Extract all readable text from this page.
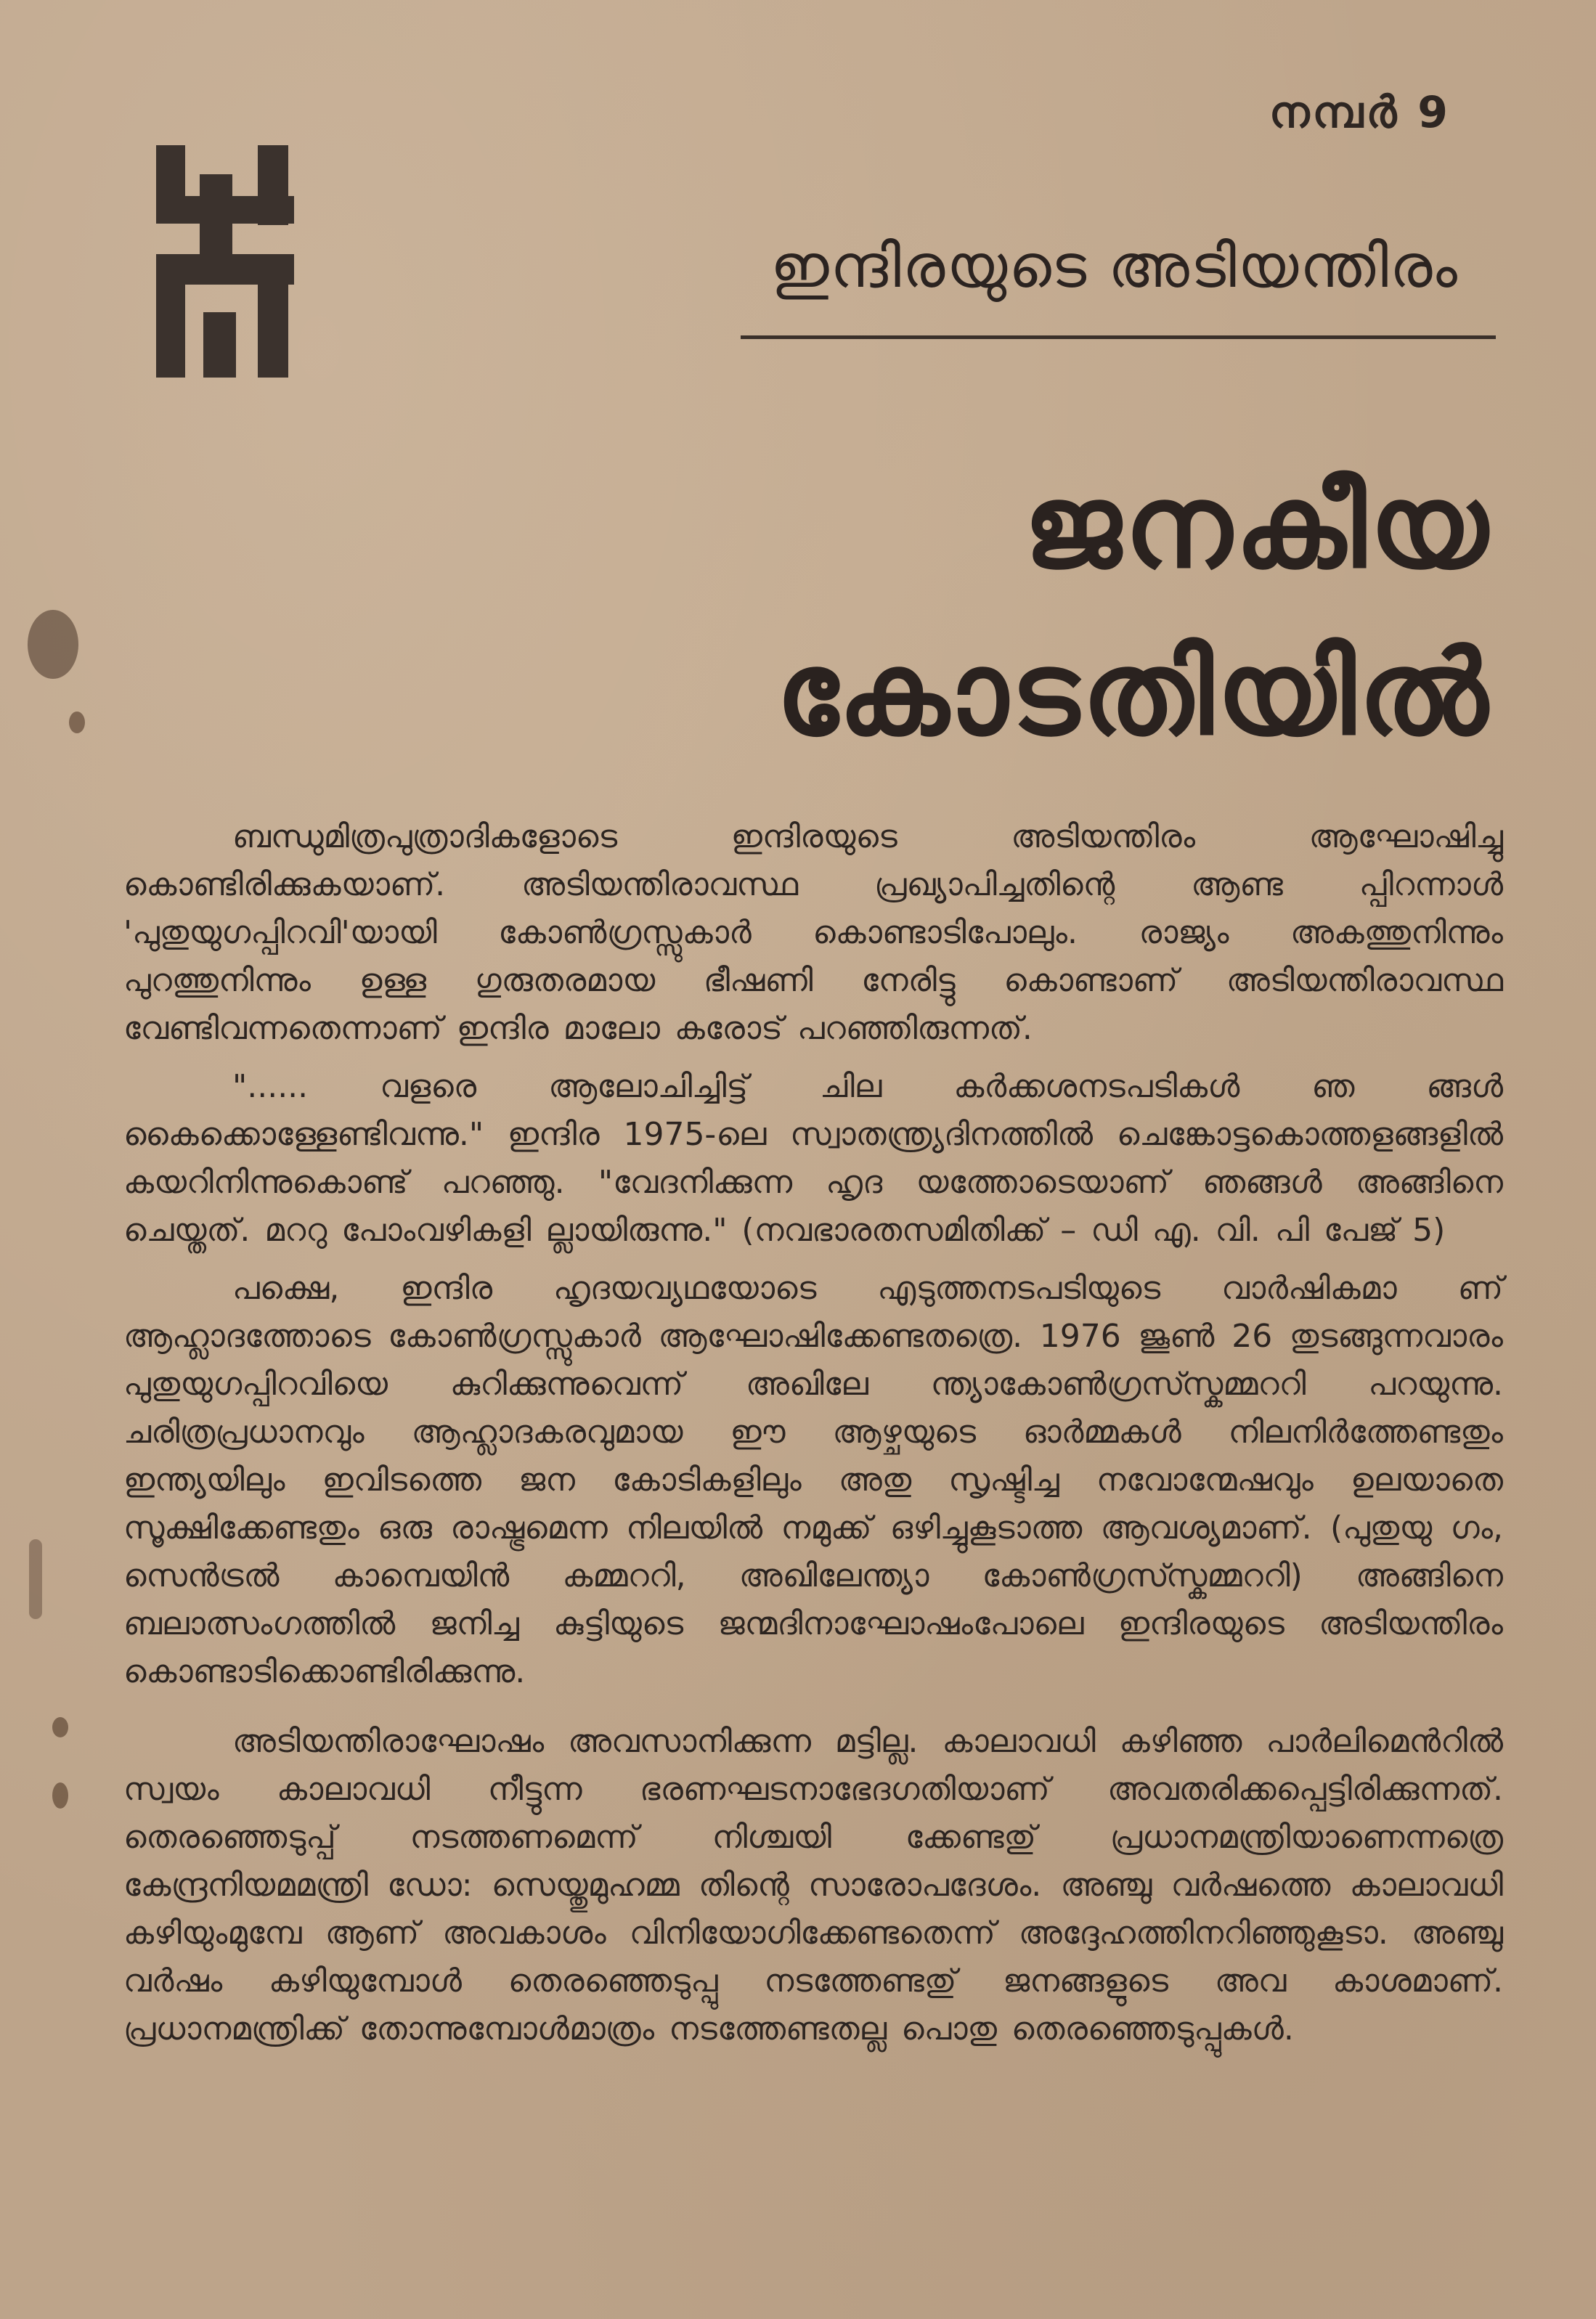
നമ്പർ 9
ഇന്ദിരയുടെ അടിയന്തിരം
ജനകീയ
കോടതിയിൽ

ബന്ധുമിത്രപുത്രാദികളോടെ ഇന്ദിരയുടെ അടിയന്തിരം ആഘോഷിച്ചു കൊണ്ടിരിക്കുകയാണ്. അടിയന്തിരാവസ്ഥ പ്രഖ്യാപിച്ചതിന്റെ ആണ്ട പ്പിറന്നാൾ 'പുതുയുഗപ്പിറവി'യായി കോൺഗ്രസ്സുകാർ കൊണ്ടാടിപോലും. രാജ്യം അകത്തുനിന്നും പുറത്തുനിന്നും ഉള്ള ഗുരുതരമായ ഭീഷണി നേരിട്ടു കൊണ്ടാണ് അടിയന്തിരാവസ്ഥ വേണ്ടിവന്നതെന്നാണ് ഇന്ദിര മാലോ കരോട് പറഞ്ഞിരുന്നത്.

"...... വളരെ ആലോചിച്ചിട്ട് ചില കർക്കശനടപടികൾ ഞ ങ്ങൾ കൈക്കൊള്ളേണ്ടിവന്നു." ഇന്ദിര 1975-ലെ സ്വാതന്ത്ര്യദിനത്തിൽ ചെങ്കോട്ടകൊത്തളങ്ങളിൽ കയറിനിന്നുകൊണ്ട് പറഞ്ഞു. "വേദനിക്കുന്ന ഹൃദ യത്തോടെയാണ് ഞങ്ങൾ അങ്ങിനെ ചെയ്തത്. മററു പോംവഴികളി ല്ലായിരുന്നു." (നവഭാരതസമിതിക്ക് – ഡി എ. വി. പി പേജ് 5)

പക്ഷെ, ഇന്ദിര ഹൃദയവ്യഥയോടെ എടുത്തനടപടിയുടെ വാർഷികമാ ണ് ആഹ്ലാദത്തോടെ കോൺഗ്രസ്സുകാർ ആഘോഷിക്കേണ്ടതത്രെ. 1976 ജൂൺ 26 തുടങ്ങുന്നവാരം പുതുയുഗപ്പിറവിയെ കുറിക്കുന്നുവെന്ന് അഖിലേ ന്ത്യാകോൺഗ്രസ്സ്കമ്മററി പറയുന്നു. ചരിത്രപ്രധാനവും ആഹ്ലാദകരവുമായ ഈ ആഴ്ചയുടെ ഓർമ്മകൾ നിലനിർത്തേണ്ടതും ഇന്ത്യയിലും ഇവിടത്തെ ജന കോടികളിലും അതു സൃഷ്ടിച്ച നവോന്മേഷവും ഉലയാതെ സൂക്ഷിക്കേണ്ടതും ഒരു രാഷ്ട്രമെന്ന നിലയിൽ നമുക്ക് ഒഴിച്ചുകൂടാത്ത ആവശ്യമാണ്. (പുതുയു ഗം, സെൻട്രൽ കാമ്പെയിൻ കമ്മററി, അഖിലേന്ത്യാ കോൺഗ്രസ്സ്കമ്മററി) അങ്ങിനെ ബലാത്സംഗത്തിൽ ജനിച്ച കുട്ടിയുടെ ജന്മദിനാഘോഷംപോലെ ഇന്ദിരയുടെ അടിയന്തിരം കൊണ്ടാടിക്കൊണ്ടിരിക്കുന്നു.

അടിയന്തിരാഘോഷം അവസാനിക്കുന്ന മട്ടില്ല. കാലാവധി കഴിഞ്ഞ പാർലിമെൻറിൽ സ്വയം കാലാവധി നീട്ടുന്ന ഭരണഘടനാഭേദഗതിയാണ് അവതരിക്കപ്പെട്ടിരിക്കുന്നത്. തെരഞ്ഞെടുപ്പ് നടത്തണമെന്ന് നിശ്ചയി ക്കേണ്ടതു് പ്രധാനമന്ത്രിയാണെന്നത്രെ കേന്ദ്രനിയമമന്ത്രി ഡോ: സെയ്തുമുഹമ്മ തിന്റെ സാരോപദേശം. അഞ്ചു വർഷത്തെ കാലാവധി കഴിയുംമുമ്പേ ആണ് അവകാശം വിനിയോഗിക്കേണ്ടതെന്ന് അദ്ദേഹത്തിനറിഞ്ഞുകൂടാ. അഞ്ചു വർഷം കഴിയുമ്പോൾ തെരഞ്ഞെടുപ്പു നടത്തേണ്ടതു് ജനങ്ങളുടെ അവ കാശമാണ്. പ്രധാനമന്ത്രിക്ക് തോന്നുമ്പോൾമാത്രം നടത്തേണ്ടതല്ല പൊതു തെരഞ്ഞെടുപ്പുകൾ.
